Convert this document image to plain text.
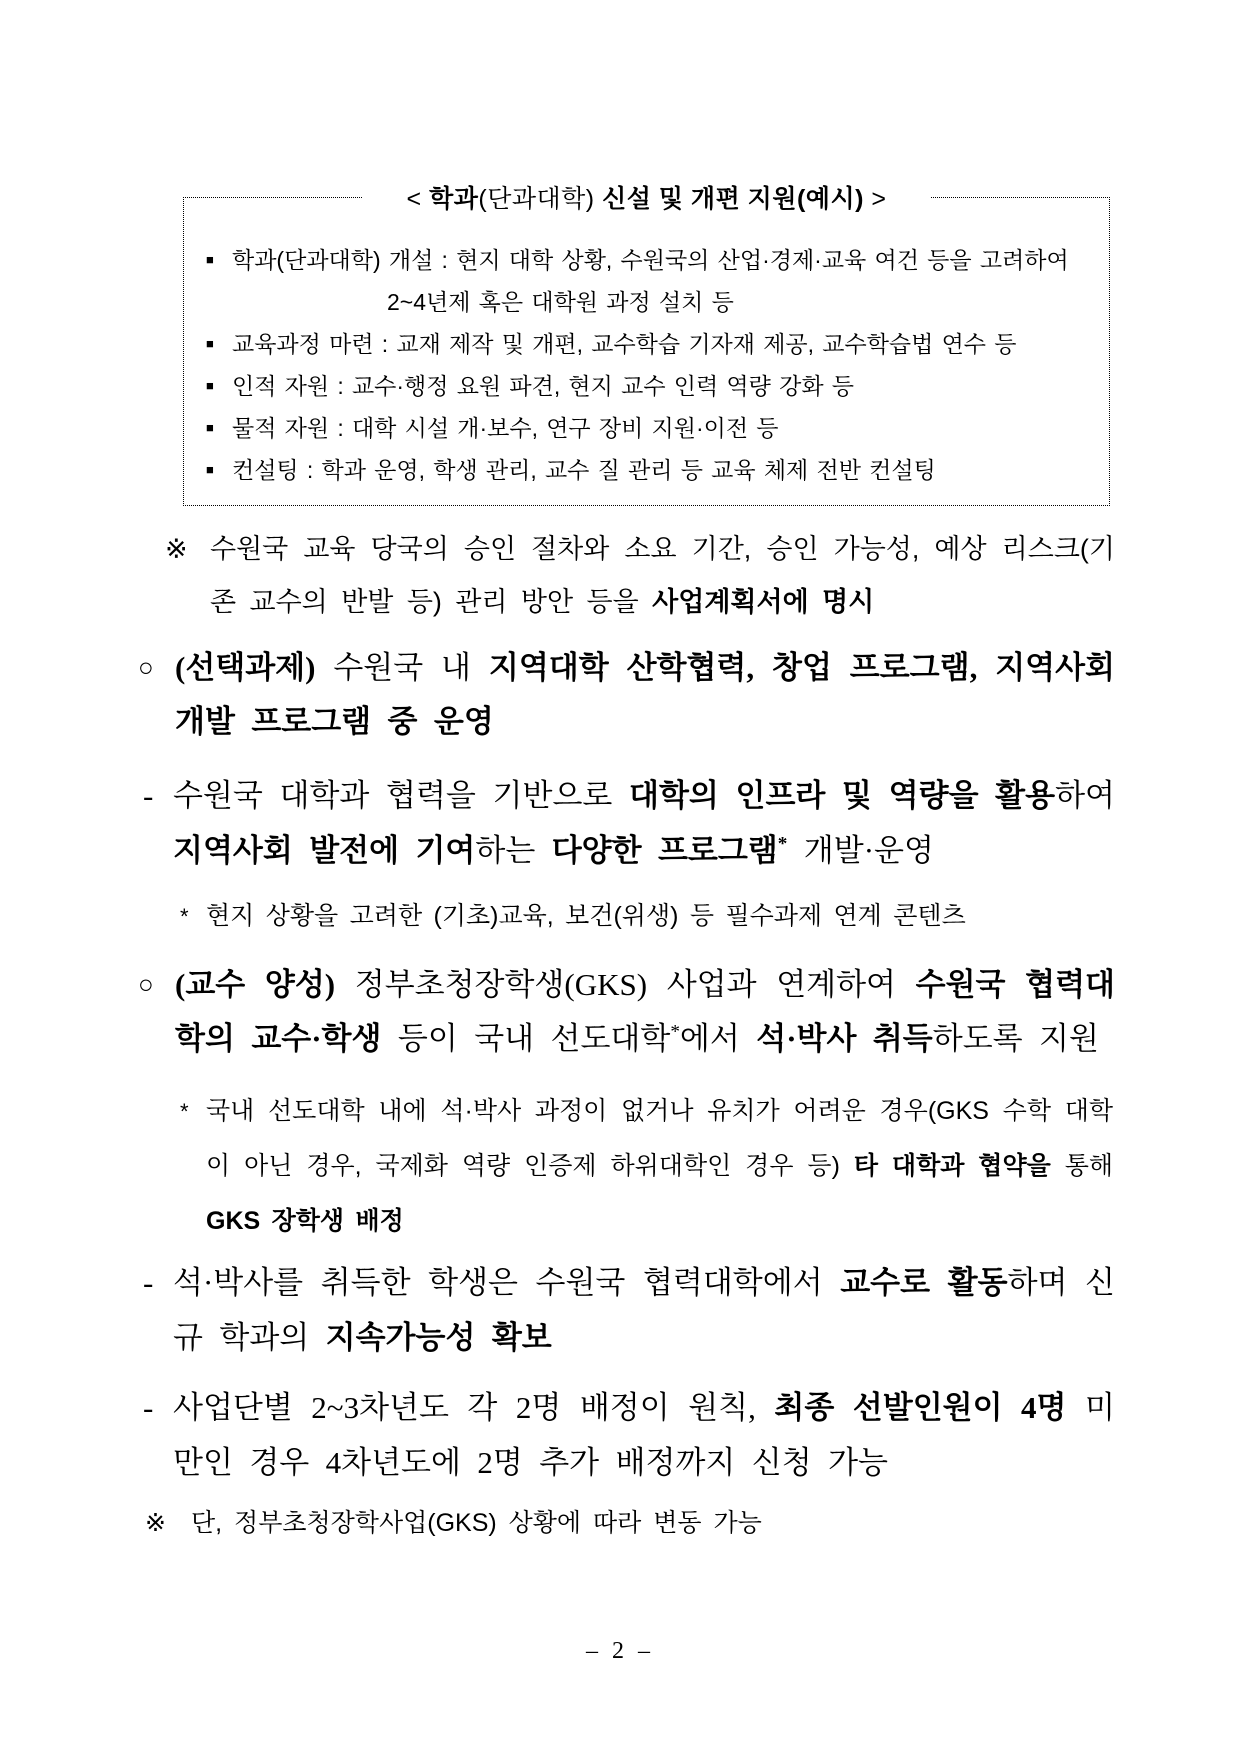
< 학과(단과대학) 신설 및 개편 지원(예시) >
■ 학과(단과대학) 개설 : 현지 대학 상황, 수원국의 산업·경제·교육 여건 등을 고려하여
2~4년제 혹은 대학원 과정 설치 등
■ 교육과정 마련 : 교재 제작 및 개편, 교수학습 기자재 제공, 교수학습법 연수 등
■ 인적 자원 : 교수·행정 요원 파견, 현지 교수 인력 역량 강화 등
■ 물적 자원 : 대학 시설 개·보수, 연구 장비 지원·이전 등
■ 컨설팅 : 학과 운영, 학생 관리, 교수 질 관리 등 교육 체제 전반 컨설팅
※ 수원국 교육 당국의 승인 절차와 소요 기간, 승인 가능성, 예상 리스크(기존 교수의 반발 등) 관리 방안 등을 사업계획서에 명시
○ (선택과제) 수원국 내 지역대학 산학협력, 창업 프로그램, 지역사회 개발 프로그램 중 운영
- 수원국 대학과 협력을 기반으로 대학의 인프라 및 역량을 활용하여 지역사회 발전에 기여하는 다양한 프로그램* 개발·운영
* 현지 상황을 고려한 (기초)교육, 보건(위생) 등 필수과제 연계 콘텐츠
○ (교수 양성) 정부초청장학생(GKS) 사업과 연계하여 수원국 협력대학의 교수·학생 등이 국내 선도대학*에서 석·박사 취득하도록 지원
* 국내 선도대학 내에 석·박사 과정이 없거나 유치가 어려운 경우(GKS 수학 대학이 아닌 경우, 국제화 역량 인증제 하위대학인 경우 등) 타 대학과 협약을 통해 GKS 장학생 배정
- 석·박사를 취득한 학생은 수원국 협력대학에서 교수로 활동하며 신규 학과의 지속가능성 확보
- 사업단별 2~3차년도 각 2명 배정이 원칙, 최종 선발인원이 4명 미만인 경우 4차년도에 2명 추가 배정까지 신청 가능
※	단, 정부초청장학사업(GKS) 상황에 따라 변동 가능
– 2 –
